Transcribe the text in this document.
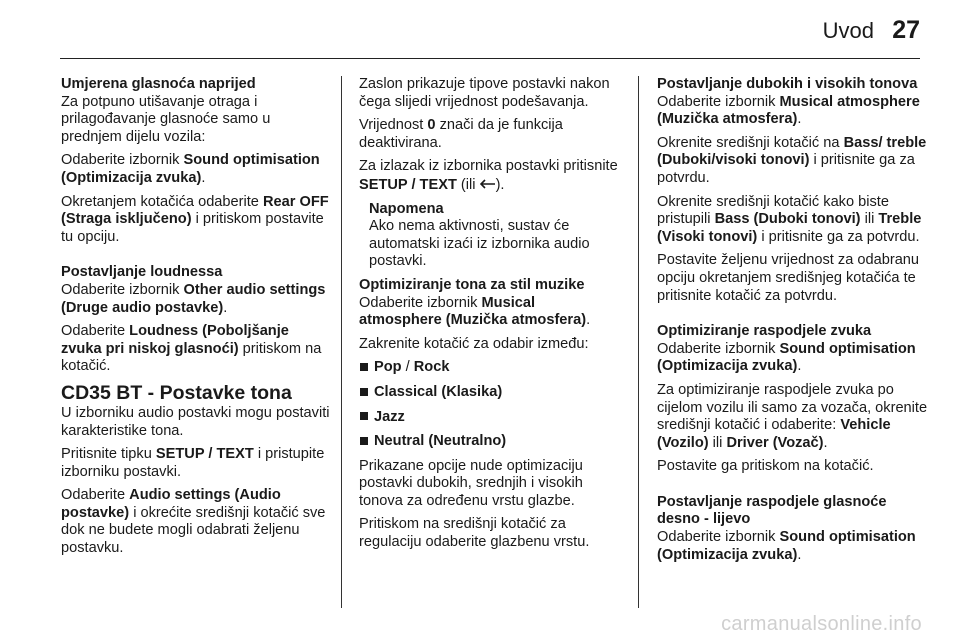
Uvod 27

Umjerena glasnoća naprijed

Za potpuno utišavanje otraga i prilagođavanje glasnoće samo u prednjem dijelu vozila:

Odaberite izbornik Sound optimisation (Optimizacija zvuka).

Okretanjem kotačića odaberite Rear OFF (Straga isključeno) i pritiskom postavite tu opciju.

Postavljanje loudnessa

Odaberite izbornik Other audio settings (Druge audio postavke).

Odaberite Loudness (Poboljšanje zvuka pri niskoj glasnoći) pritiskom na kotačić.

CD35 BT - Postavke tona

U izborniku audio postavki mogu postaviti karakteristike tona.

Pritisnite tipku SETUP / TEXT i pristupite izborniku postavki.

Odaberite Audio settings (Audio postavke) i okrećite središnji kotačić sve dok ne budete mogli odabrati željenu postavku.

Zaslon prikazuje tipove postavki nakon čega slijedi vrijednost podešavanja.

Vrijednost 0 znači da je funkcija deaktivirana.

Za izlazak iz izbornika postavki pritisnite SETUP / TEXT (ili ).

Napomena
Ako nema aktivnosti, sustav će automatski izaći iz izbornika audio postavki.

Optimiziranje tona za stil muzike

Odaberite izbornik Musical atmosphere (Muzička atmosfera).

Zakrenite kotačić za odabir između:

Pop / Rock
Classical (Klasika)
Jazz
Neutral (Neutralno)

Prikazane opcije nude optimizaciju postavki dubokih, srednjih i visokih tonova za određenu vrstu glazbe.

Pritiskom na središnji kotačić za regulaciju odaberite glazbenu vrstu.

Postavljanje dubokih i visokih tonova

Odaberite izbornik Musical atmosphere (Muzička atmosfera).

Okrenite središnji kotačić na Bass/ treble (Duboki/visoki tonovi) i pritisnite ga za potvrdu.

Okrenite središnji kotačić kako biste pristupili Bass (Duboki tonovi) ili Treble (Visoki tonovi) i pritisnite ga za potvrdu.

Postavite željenu vrijednost za odabranu opciju okretanjem središnjeg kotačića te pritisnite kotačić za potvrdu.

Optimiziranje raspodjele zvuka

Odaberite izbornik Sound optimisation (Optimizacija zvuka).

Za optimiziranje raspodjele zvuka po cijelom vozilu ili samo za vozača, okrenite središnji kotačić i odaberite: Vehicle (Vozilo) ili Driver (Vozač).

Postavite ga pritiskom na kotačić.

Postavljanje raspodjele glasnoće desno - lijevo

Odaberite izbornik Sound optimisation (Optimizacija zvuka).

carmanualsonline.info
